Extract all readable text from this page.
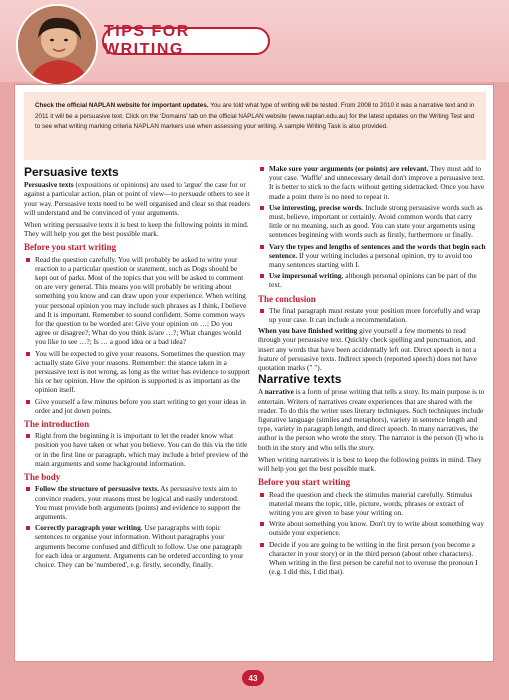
TIPS FOR WRITING
Check the official NAPLAN website for important updates. You are told what type of writing will be tested. From 2008 to 2010 it was a narrative text and in 2011 it will be a persuasive text. Click on the 'Domains' tab on the official NAPLAN website (www.naplan.edu.au) for the latest updates on the Writing Test and to see what writing marking criteria NAPLAN markers use when assessing your writing. A sample Writing Task is also provided.
Persuasive texts

Persuasive texts (expositions or opinions) are used to 'argue' the case for or against a particular action, plan or point of view—to persuade others to see it your way. Persuasive texts need to be well organised and clear so that readers will understand and be convinced of your arguments.

When writing persuasive texts it is best to keep the following points in mind. They will help you get the best possible mark.

Before you start writing
Read the question carefully. You will probably be asked to write your reaction to a particular question or statement, such as Dogs should be kept out of parks. Most of the topics that you will be asked to comment on are very general. This means you will probably be writing about something you know and can draw upon your experience. When writing your personal opinion you may include such phrases as I think, I believe and It is important. Remember to sound confident. Some common ways for the question to be worded are: Give your opinion on …; Do you agree or disagree?; What do you think is/are …?; What changes would you like to see …?; Is … a good idea or a bad idea?
You will be expected to give your reasons. Sometimes the question may actually state Give your reasons. Remember: the stance taken in a persuasive text is not wrong, as long as the writer has evidence to support his or her opinion. How the opinion is supported is as important as the opinion itself.
Give yourself a few minutes before you start writing to get your ideas in order and jot down points.
The introduction
Right from the beginning it is important to let the reader know what position you have taken or what you believe. You can do this via the title or in the first line or paragraph, which may include a brief preview of the main arguments and some background information.
The body
Follow the structure of persuasive texts. As persuasive texts aim to convince readers, your reasons must be logical and easily understood. You must provide both arguments (points) and evidence to support the arguments.
Correctly paragraph your writing. Use paragraphs with topic sentences to organise your information. Without paragraphs your arguments become confused and difficult to follow. Use one paragraph for each idea or argument. Arguments can be ordered according to your choice. They can be 'numbered', e.g. firstly, secondly, finally.
Make sure your arguments (or points) are relevant. They must add to your case. 'Waffle' and unnecessary detail don't improve a persuasive text. It is better to stick to the facts without getting sidetracked. Once you have made a point there is no need to repeat it.
Use interesting, precise words. Include strong persuasive words such as must, believe, important or certainly. Avoid common words that carry little or no meaning, such as good. You can state your arguments using sentences beginning with words such as firstly, furthermore or finally.
Vary the types and lengths of sentences and the words that begin each sentence. If your writing includes a personal opinion, try to avoid too many sentences starting with I.
Use impersonal writing, although personal opinions can be part of the text.
The conclusion
The final paragraph must restate your position more forcefully and wrap up your case. It can include a recommendation.

When you have finished writing give yourself a few moments to read through your persuasive text. Quickly check spelling and punctuation, and insert any words that have been accidentally left out. Direct speech is not a feature of persuasive texts. Indirect speech (reported speech) does not have quotation marks (" ").

Narrative texts

A narrative is a form of prose writing that tells a story. Its main purpose is to entertain. Writers of narratives create experiences that are shared with the reader. To do this the writer uses literary techniques. Such techniques include figurative language (similes and metaphors), variety in sentence length and type, variety in paragraph length, and direct speech. In many narratives, the author is the person who wrote the story. The narrator is the person (I) who is both in the story and who tells the story.

When writing narratives it is best to keep the following points in mind. They will help you get the best possible mark.

Before you start writing
Read the question and check the stimulus material carefully. Stimulus material means the topic, title, picture, words, phrases or extract of writing you are given to base your writing on.
Write about something you know. Don't try to write about something way outside your experience.
Decide if you are going to be writing in the first person (you become a character in your story) or in the third person (about other characters). When writing in the first person be careful not to overuse the pronoun I (e.g. I did this, I did that).
43
